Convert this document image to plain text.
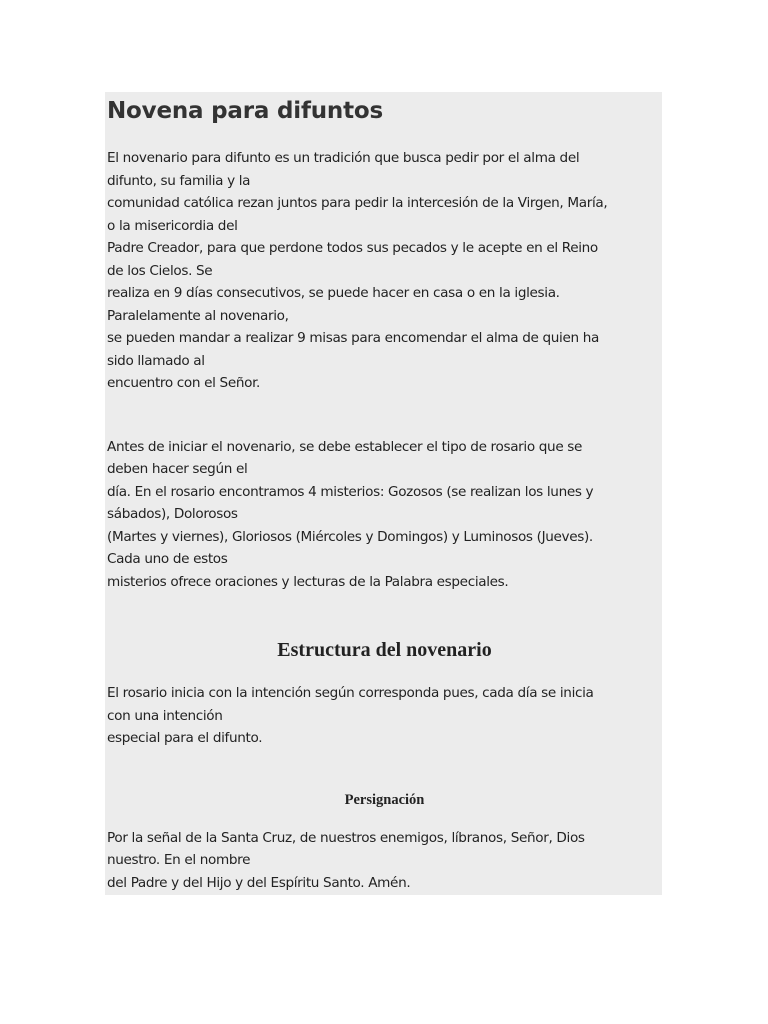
Novena para difuntos

El novenario para difunto es un tradición que busca pedir por el alma del
difunto, su familia y la
comunidad católica rezan juntos para pedir la intercesión de la Virgen, María,
o la misericordia del
Padre Creador, para que perdone todos sus pecados y le acepte en el Reino
de los Cielos. Se
realiza en 9 días consecutivos, se puede hacer en casa o en la iglesia.
Paralelamente al novenario,
se pueden mandar a realizar 9 misas para encomendar el alma de quien ha
sido llamado al
encuentro con el Señor.

Antes de iniciar el novenario, se debe establecer el tipo de rosario que se
deben hacer según el
día. En el rosario encontramos 4 misterios: Gozosos (se realizan los lunes y
sábados), Dolorosos
(Martes y viernes), Gloriosos (Miércoles y Domingos) y Luminosos (Jueves).
Cada uno de estos
misterios ofrece oraciones y lecturas de la Palabra especiales.

Estructura del novenario

El rosario inicia con la intención según corresponda pues, cada día se inicia
con una intención
especial para el difunto.

Persignación

Por la señal de la Santa Cruz, de nuestros enemigos, líbranos, Señor, Dios
nuestro. En el nombre
del Padre y del Hijo y del Espíritu Santo. Amén.
